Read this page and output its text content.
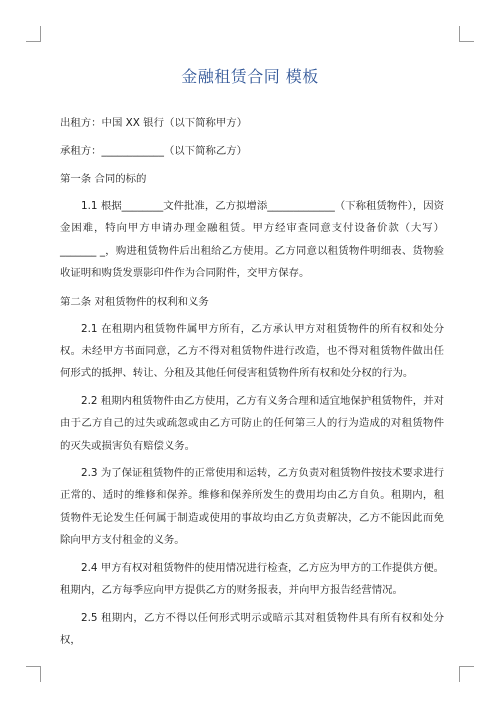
金融租赁合同 模板

出租方：中国 XX 银行（以下简称甲方）

承租方：____________（以下简称乙方）

第一条 合同的标的

1.1 根据________文件批准，乙方拟增添_____________（下称租赁物件），因资金困难，特向甲方申请办理金融租赁。甲方经审查同意支付设备价款（大写）_______ _，购进租赁物件后出租给乙方使用。乙方同意以租赁物件明细表、货物验收证明和购货发票影印件作为合同附件，交甲方保存。

第二条 对租赁物件的权利和义务

2.1 在租期内租赁物件属甲方所有，乙方承认甲方对租赁物件的所有权和处分权。未经甲方书面同意，乙方不得对租赁物件进行改造，也不得对租赁物件做出任何形式的抵押、转让、分租及其他任何侵害租赁物件所有权和处分权的行为。

2.2 租期内租赁物件由乙方使用，乙方有义务合理和适宜地保护租赁物件，并对由于乙方自己的过失或疏忽或由乙方可防止的任何第三人的行为造成的对租赁物件的灭失或损害负有赔偿义务。

2.3 为了保证租赁物件的正常使用和运转，乙方负责对租赁物件按技术要求进行正常的、适时的维修和保养。维修和保养所发生的费用均由乙方自负。租期内，租赁物件无论发生任何属于制造或使用的事故均由乙方负责解决，乙方不能因此而免除向甲方支付租金的义务。

2.4 甲方有权对租赁物件的使用情况进行检查，乙方应为甲方的工作提供方便。租期内，乙方每季应向甲方提供乙方的财务报表，并向甲方报告经营情况。

2.5 租期内，乙方不得以任何形式明示或暗示其对租赁物件具有所有权和处分权，
